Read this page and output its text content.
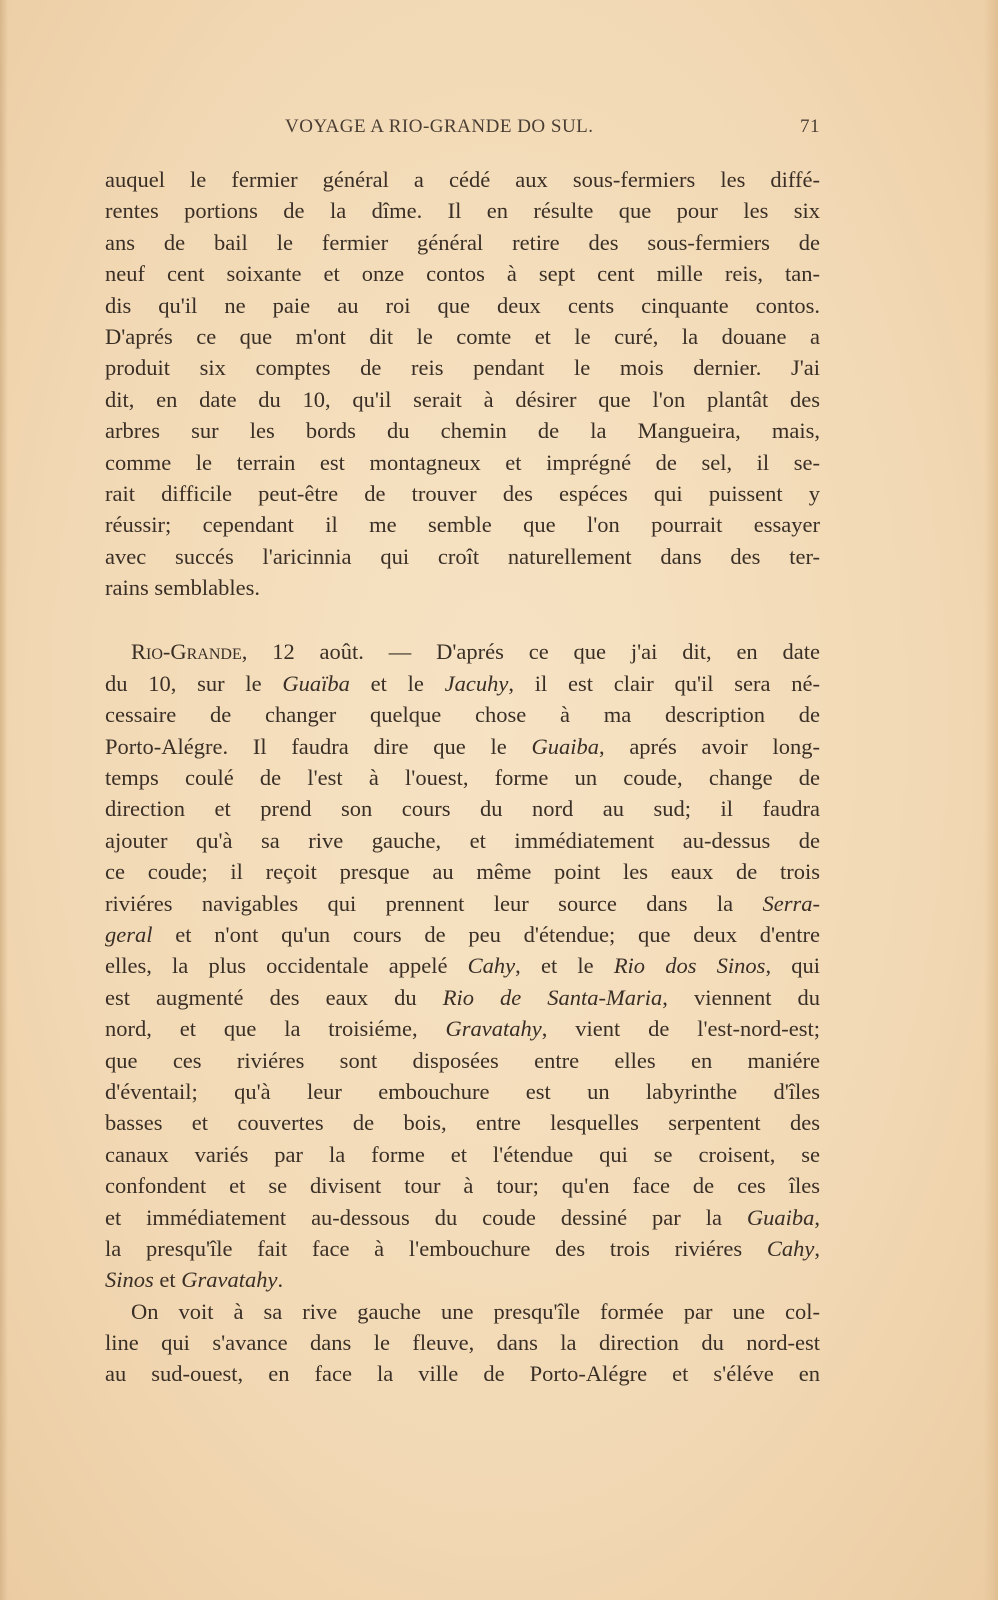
VOYAGE A RIO-GRANDE DO SUL.	71
auquel le fermier général a cédé aux sous-fermiers les diffé-
rentes portions de la dîme. Il en résulte que pour les six
ans de bail le fermier général retire des sous-fermiers de
neuf cent soixante et onze contos à sept cent mille reis, tan-
dis qu'il ne paie au roi que deux cents cinquante contos.
D'aprés ce que m'ont dit le comte et le curé, la douane a
produit six comptes de reis pendant le mois dernier. J'ai
dit, en date du 10, qu'il serait à désirer que l'on plantât des
arbres sur les bords du chemin de la Mangueira, mais,
comme le terrain est montagneux et imprégné de sel, il se-
rait difficile peut-être de trouver des espéces qui puissent y
réussir; cependant il me semble que l'on pourrait essayer
avec succés l'aricinnia qui croît naturellement dans des ter-
rains semblables.
Rio-Grande, 12 août. — D'aprés ce que j'ai dit, en date
du 10, sur le Guaïba et le Jacuhy, il est clair qu'il sera né-
cessaire de changer quelque chose à ma description de
Porto-Alégre. Il faudra dire que le Guaiba, aprés avoir long-
temps coulé de l'est à l'ouest, forme un coude, change de
direction et prend son cours du nord au sud; il faudra
ajouter qu'à sa rive gauche, et immédiatement au-dessus de
ce coude; il reçoit presque au même point les eaux de trois
riviéres navigables qui prennent leur source dans la Serra-
geral et n'ont qu'un cours de peu d'étendue; que deux d'entre
elles, la plus occidentale appelé Cahy, et le Rio dos Sinos, qui
est augmenté des eaux du Rio de Santa-Maria, viennent du
nord, et que la troisiéme, Gravatahy, vient de l'est-nord-est;
que ces riviéres sont disposées entre elles en maniére
d'éventail; qu'à leur embouchure est un labyrinthe d'îles
basses et couvertes de bois, entre lesquelles serpentent des
canaux variés par la forme et l'étendue qui se croisent, se
confondent et se divisent tour à tour; qu'en face de ces îles
et immédiatement au-dessous du coude dessiné par la Guaiba,
la presqu'île fait face à l'embouchure des trois riviéres Cahy,
Sinos et Gravatahy.
On voit à sa rive gauche une presqu'île formée par une col-
line qui s'avance dans le fleuve, dans la direction du nord-est
au sud-ouest, en face la ville de Porto-Alégre et s'éléve en
